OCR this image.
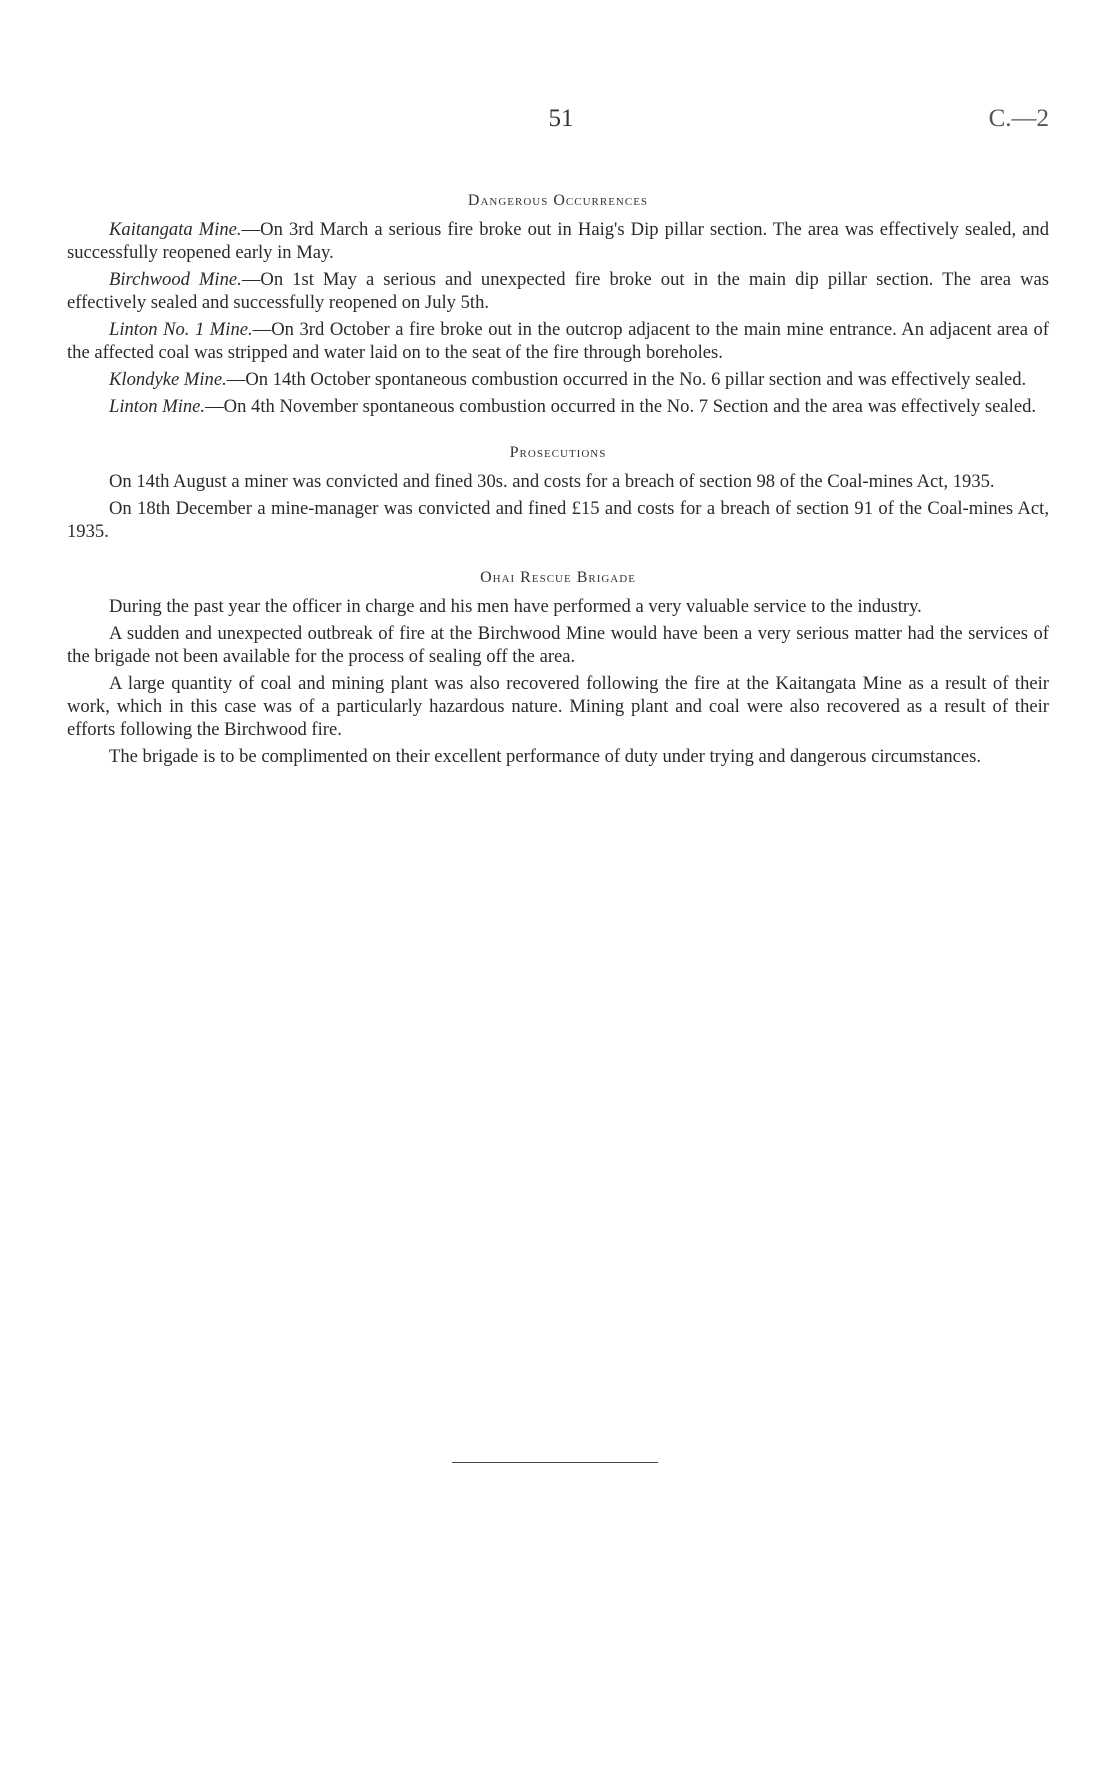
51	C.—2
Dangerous Occurrences

Kaitangata Mine.—On 3rd March a serious fire broke out in Haig's Dip pillar section. The area was effectively sealed, and successfully reopened early in May.

Birchwood Mine.—On 1st May a serious and unexpected fire broke out in the main dip pillar section. The area was effectively sealed and successfully reopened on July 5th.

Linton No. 1 Mine.—On 3rd October a fire broke out in the outcrop adjacent to the main mine entrance. An adjacent area of the affected coal was stripped and water laid on to the seat of the fire through boreholes.

Klondyke Mine.—On 14th October spontaneous combustion occurred in the No. 6 pillar section and was effectively sealed.

Linton Mine.—On 4th November spontaneous combustion occurred in the No. 7 Section and the area was effectively sealed.

Prosecutions

On 14th August a miner was convicted and fined 30s. and costs for a breach of section 98 of the Coal-mines Act, 1935.

On 18th December a mine-manager was convicted and fined £15 and costs for a breach of section 91 of the Coal-mines Act, 1935.

Ohai Rescue Brigade

During the past year the officer in charge and his men have performed a very valuable service to the industry.

A sudden and unexpected outbreak of fire at the Birchwood Mine would have been a very serious matter had the services of the brigade not been available for the process of sealing off the area.

A large quantity of coal and mining plant was also recovered following the fire at the Kaitangata Mine as a result of their work, which in this case was of a particularly hazardous nature. Mining plant and coal were also recovered as a result of their efforts following the Birchwood fire.

The brigade is to be complimented on their excellent performance of duty under trying and dangerous circumstances.
